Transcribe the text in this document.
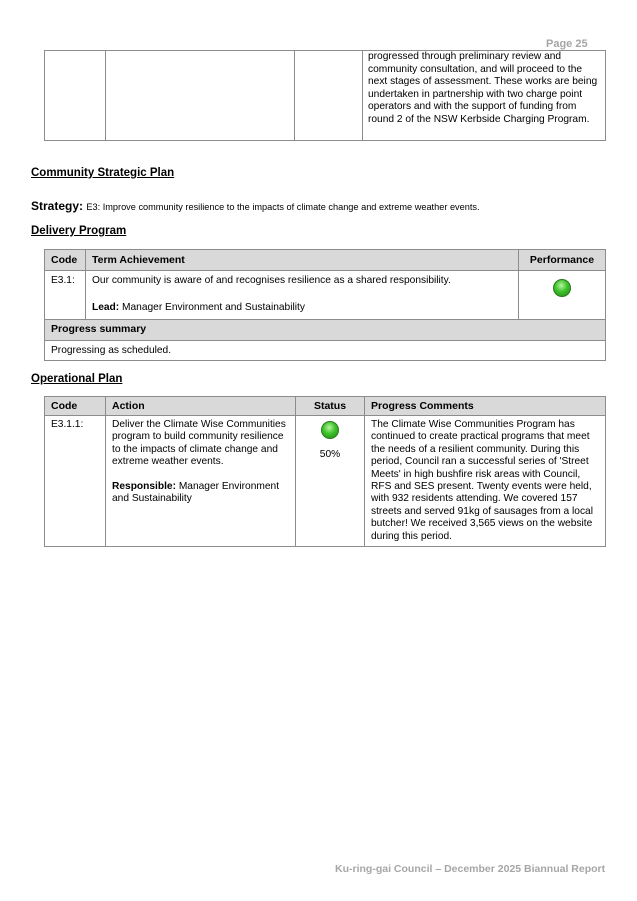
Page 25
			progressed through preliminary review and community consultation, and will proceed to the next stages of assessment. These works are being undertaken in partnership with two charge point operators and with the support of funding from round 2 of the NSW Kerbside Charging Program.
Community Strategic Plan
Strategy: E3: Improve community resilience to the impacts of climate change and extreme weather events.
Delivery Program
Code	Term Achievement	Performance
E3.1:	Our community is aware of and recognises resilience as a shared responsibility.
Lead: Manager Environment and Sustainability	

Progress summary		
Progressing as scheduled.		
Operational Plan
Code	Action	Status	Progress Comments
E3.1.1:	Deliver the Climate Wise Communities program to build community resilience to the impacts of climate change and extreme weather events.
Responsible: Manager Environment and Sustainability	50%	The Climate Wise Communities Program has continued to create practical programs that meet the needs of a resilient community. During this period, Council ran a successful series of 'Street Meets' in high bushfire risk areas with Council, RFS and SES present. Twenty events were held, with 932 residents attending. We covered 157 streets and served 91kg of sausages from a local butcher! We received 3,565 views on the website during this period.
Ku-ring-gai Council – December 2025 Biannual Report
